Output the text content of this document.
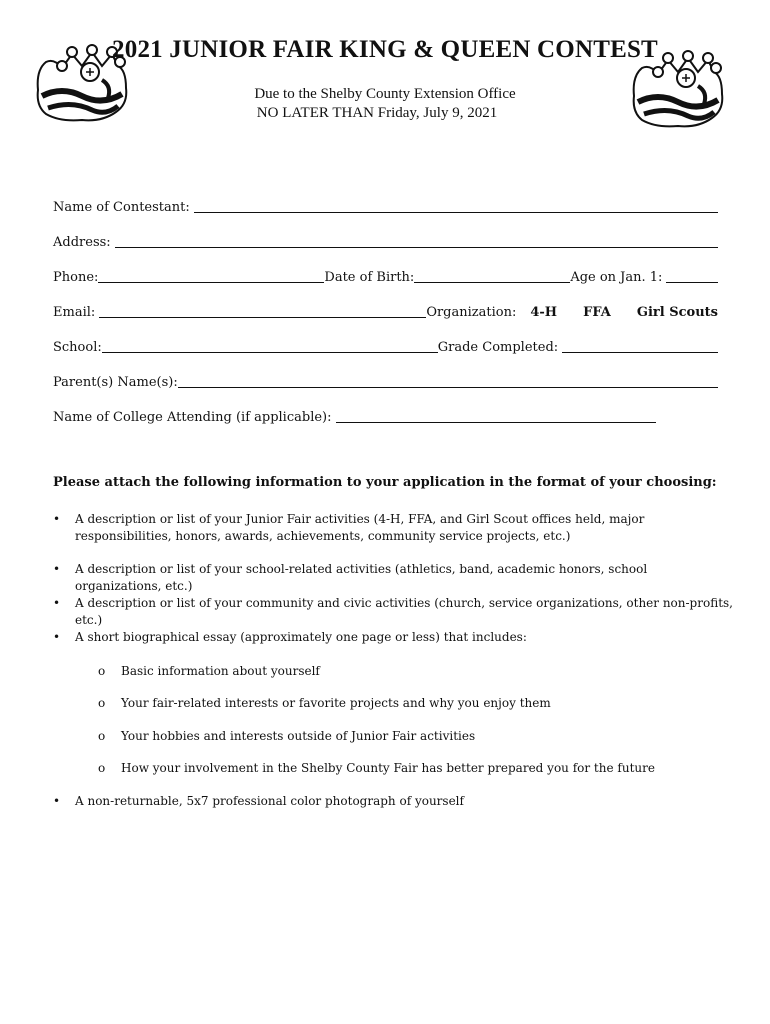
2021 JUNIOR FAIR KING & QUEEN CONTEST
Due to the Shelby County Extension Office
NO LATER THAN Friday, July 9, 2021
Name of Contestant:
Address:
Phone:	Date of Birth:	Age on Jan. 1:
Email:	Organization: 4-H FFA Girl Scouts
School:	Grade Completed:
Parent(s) Name(s):
Name of College Attending (if applicable):
Please attach the following information to your application in the format of your choosing:
• A description or list of your Junior Fair activities (4-H, FFA, and Girl Scout offices held, major responsibilities, honors, awards, achievements, community service projects, etc.)
• A description or list of your school-related activities (athletics, band, academic honors, school organizations, etc.)
• A description or list of your community and civic activities (church, service organizations, other non-profits, etc.)
• A short biographical essay (approximately one page or less) that includes:
o Basic information about yourself
o Your fair-related interests or favorite projects and why you enjoy them
o Your hobbies and interests outside of Junior Fair activities
o How your involvement in the Shelby County Fair has better prepared you for the future
• A non-returnable, 5x7 professional color photograph of yourself
